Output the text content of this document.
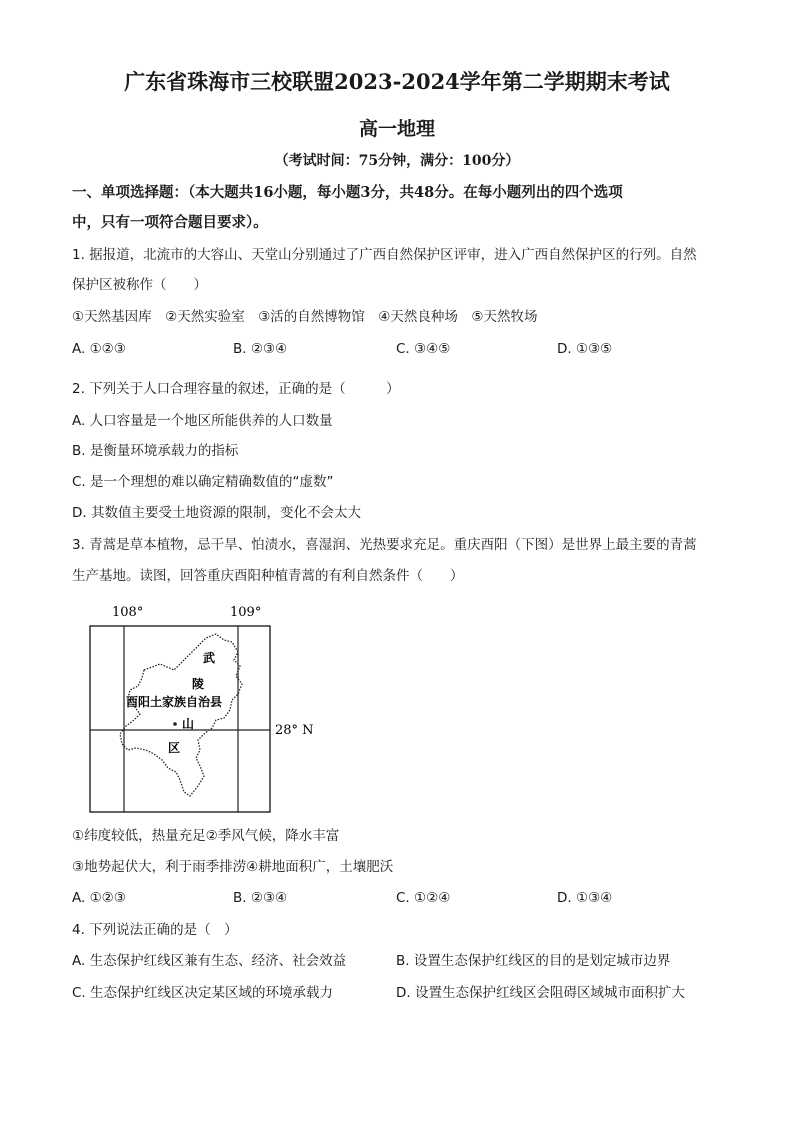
广东省珠海市三校联盟2023-2024学年第二学期期末考试
高一地理
（考试时间：75分钟，满分：100分）
一、单项选择题：（本大题共16小题，每小题3分，共48分。在每小题列出的四个选项
中，只有一项符合题目要求）。
1. 据报道，北流市的大容山、天堂山分别通过了广西自然保护区评审，进入广西自然保护区的行列。自然
保护区被称作（　　）
①天然基因库　②天然实验室　③活的自然博物馆　④天然良种场　⑤天然牧场
A. ①②③	B. ②③④	C. ③④⑤	D. ①③⑤
2. 下列关于人口合理容量的叙述，正确的是（　　　）
A. 人口容量是一个地区所能供养的人口数量
B. 是衡量环境承载力的指标
C. 是一个理想的难以确定精确数值的“虚数”
D. 其数值主要受土地资源的限制，变化不会太大
3. 青蒿是草本植物，忌干旱、怕渍水，喜湿润、光热要求充足。重庆酉阳（下图）是世界上最主要的青蒿
生产基地。读图，回答重庆酉阳种植青蒿的有利自然条件（　　）
108°	109°
28° N
酉阳土家族自治县
武
陵
山
区
①纬度较低，热量充足②季风气候，降水丰富
③地势起伏大，利于雨季排涝④耕地面积广，土壤肥沃
A. ①②③	B. ②③④	C. ①②④	D. ①③④
4. 下列说法正确的是（　）
A. 生态保护红线区兼有生态、经济、社会效益	B. 设置生态保护红线区的目的是划定城市边界
C. 生态保护红线区决定某区域的环境承载力	D. 设置生态保护红线区会阻碍区域城市面积扩大
